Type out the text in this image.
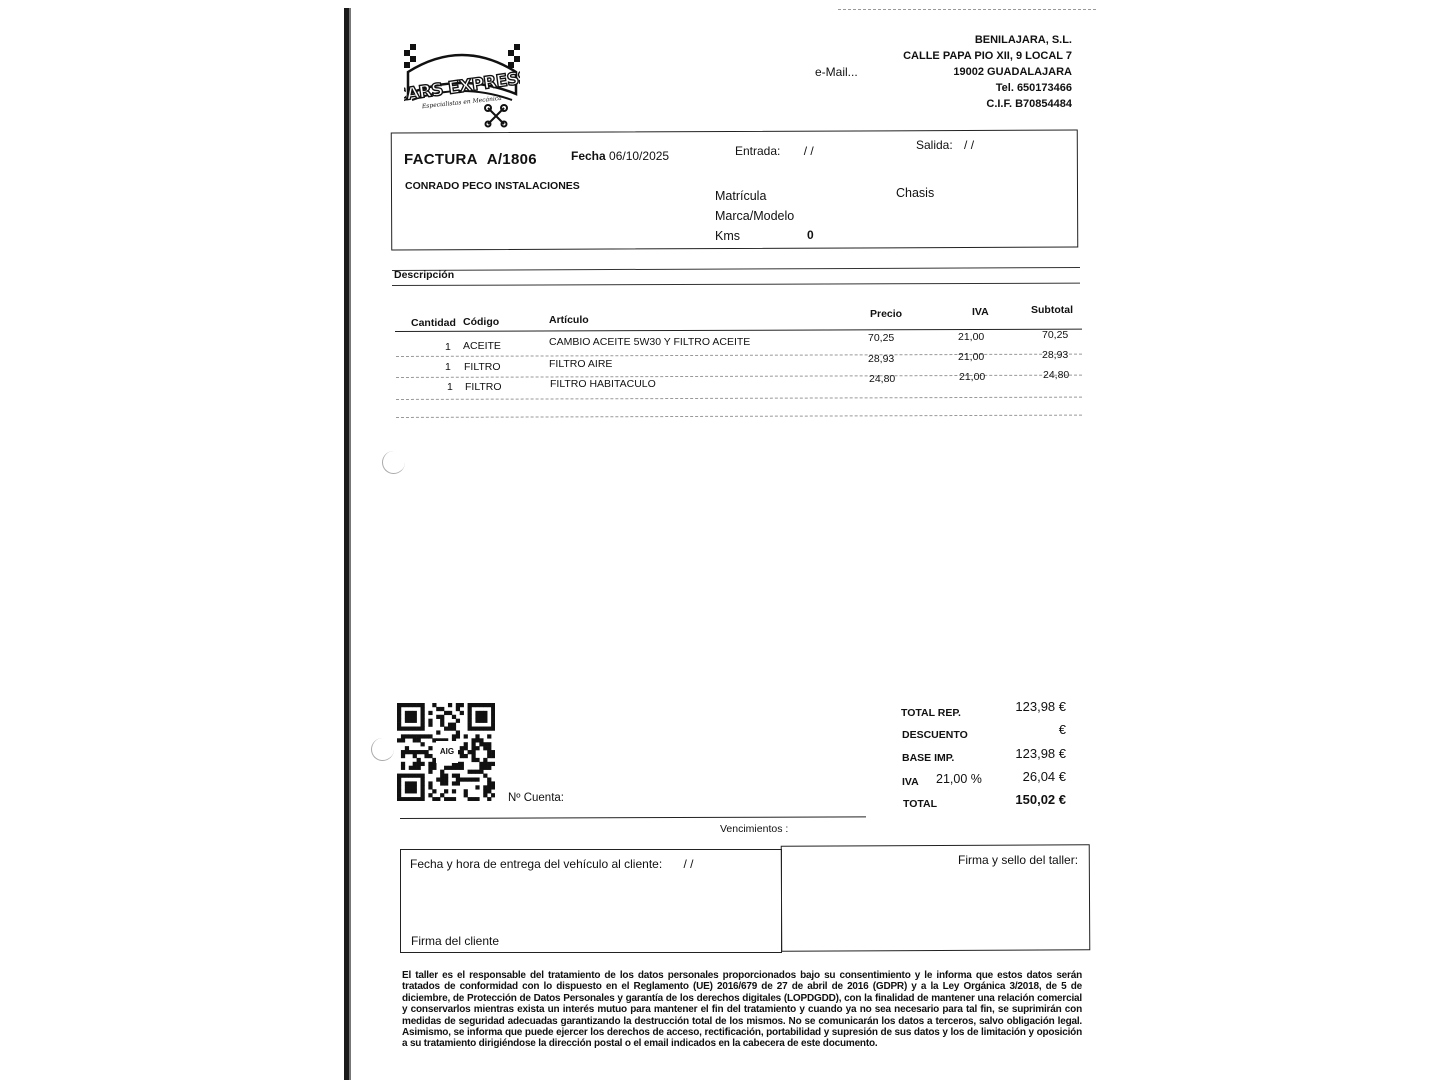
CARS EXPRESS
Especialistas en Mecánica
e-Mail...
BENILAJARA, S.L.
CALLE PAPA PIO XII, 9 LOCAL 7
19002 GUADALAJARA
Tel. 650173466
C.I.F. B70854484
FACTURA A/1806	Fecha 06/10/2025	Entrada: / /	Salida: / /
CONRADO PECO INSTALACIONES
Matrícula
Marca/Modelo
Kms	0
Chasis
Descripción
Cantidad Código	Artículo	Precio	IVA	Subtotal
1 ACEITE	CAMBIO ACEITE 5W30 Y FILTRO ACEITE	70,25	21,00	70,25
1 FILTRO	FILTRO AIRE	28,93	21,00	28,93
1 FILTRO	FILTRO HABITACULO	24,80	21,00	24,80
AIG
Nº Cuenta:
Vencimientos :
TOTAL REP.	123,98 €
DESCUENTO	€
BASE IMP.	123,98 €
IVA 21,00 %	26,04 €
TOTAL	150,02 €
Fecha y hora de entrega del vehículo al cliente: / /
Firma del cliente
Firma y sello del taller:
El taller es el responsable del tratamiento de los datos personales proporcionados bajo su consentimiento y le informa que estos datos serán tratados de conformidad con lo dispuesto en el Reglamento (UE) 2016/679 de 27 de abril de 2016 (GDPR) y a la Ley Orgánica 3/2018, de 5 de diciembre, de Protección de Datos Personales y garantía de los derechos digitales (LOPDGDD), con la finalidad de mantener una relación comercial y conservarlos mientras exista un interés mutuo para mantener el fin del tratamiento y cuando ya no sea necesario para tal fin, se suprimirán con medidas de seguridad adecuadas garantizando la destrucción total de los mismos. No se comunicarán los datos a terceros, salvo obligación legal. Asimismo, se informa que puede ejercer los derechos de acceso, rectificación, portabilidad y supresión de sus datos y los de limitación y oposición a su tratamiento dirigiéndose la dirección postal o el email indicados en la cabecera de este documento.
